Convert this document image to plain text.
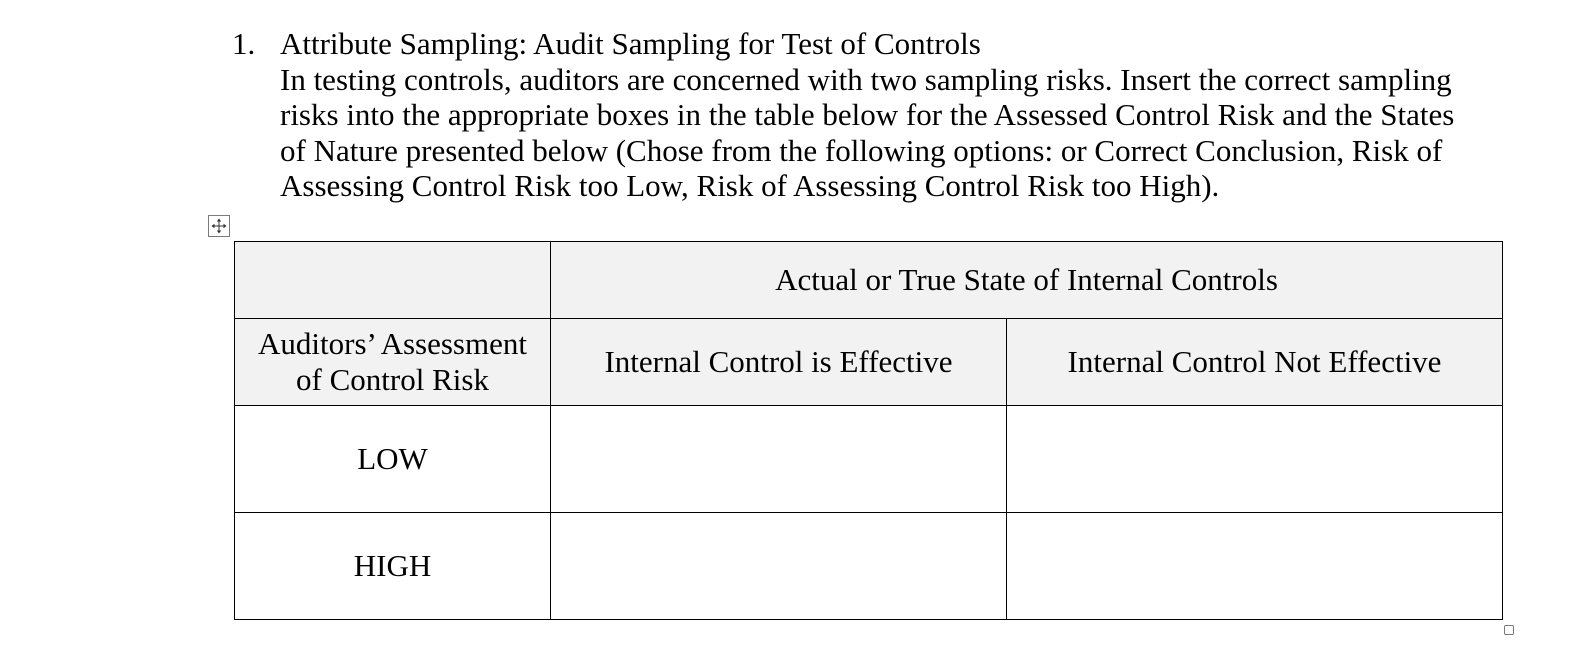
1. Attribute Sampling: Audit Sampling for Test of Controls
In testing controls, auditors are concerned with two sampling risks. Insert the correct sampling
risks into the appropriate boxes in the table below for the Assessed Control Risk and the States
of Nature presented below (Chose from the following options: or Correct Conclusion, Risk of
Assessing Control Risk too Low, Risk of Assessing Control Risk too High).
	Actual or True State of Internal Controls	
Auditors’ Assessment
of Control Risk	Internal Control is Effective	Internal Control Not Effective
LOW		
HIGH		
